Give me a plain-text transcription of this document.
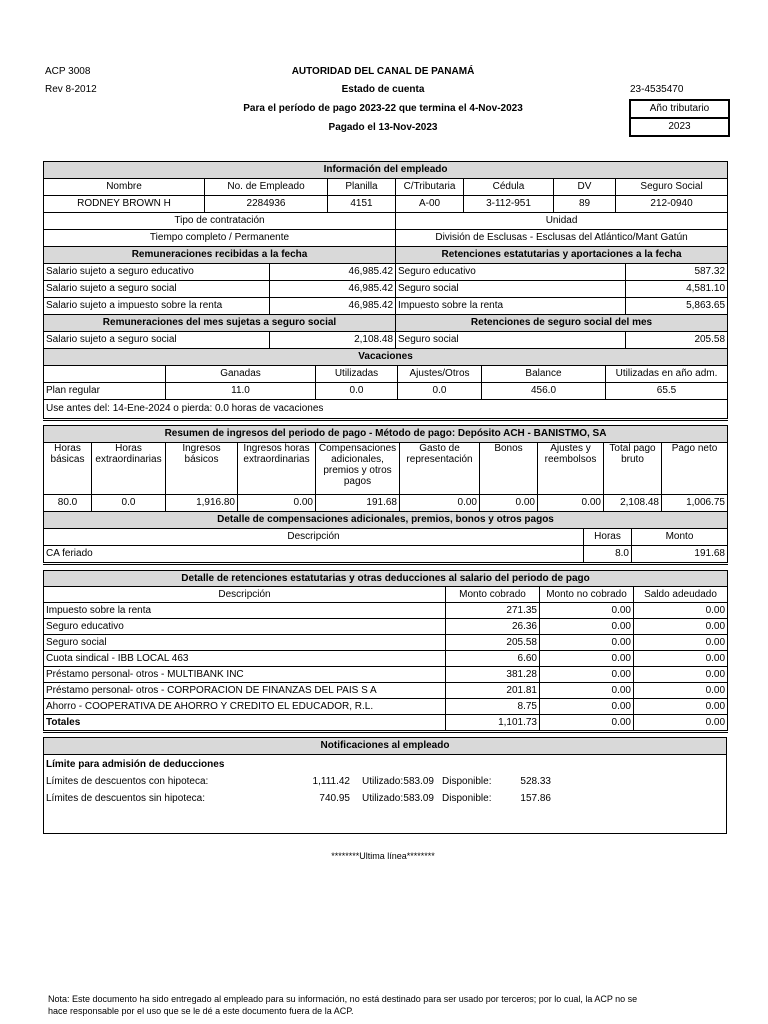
ACP 3008
Rev 8-2012
AUTORIDAD DEL CANAL DE PANAMÁ
Estado de cuenta
Para el período de pago 2023-22 que termina el 4-Nov-2023
Pagado el 13-Nov-2023
23-4535470
Año tributario
2023
Información del empleado						
Nombre	No. de Empleado	Planilla	C/Tributaria	Cédula	DV	Seguro Social
RODNEY BROWN H	2284936	4151	A-00	3-112-951	89	212-0940
Tipo de contratación			Unidad			
Tiempo completo / Permanente			División de Esclusas - Esclusas del Atlántico/Mant Gatún			
Remuneraciones recibidas a la fecha		Retenciones estatutarias y aportaciones a la fecha	
Salario sujeto a seguro educativo	46,985.42	Seguro educativo	587.32
Salario sujeto a seguro social	46,985.42	Seguro social	4,581.10
Salario sujeto a impuesto sobre la renta	46,985.42	Impuesto sobre la renta	5,863.65
Remuneraciones del mes sujetas a seguro social		Retenciones de seguro social del mes	
Salario sujeto a seguro social	2,108.48	Seguro social	205.58
Vacaciones					
	Ganadas	Utilizadas	Ajustes/Otros	Balance	Utilizadas en año adm.
Plan regular	11.0	0.0	0.0	456.0	65.5
Use antes del: 14-Ene-2024 o pierda: 0.0 horas de vacaciones					
Resumen de ingresos del periodo de pago - Método de pago: Depósito ACH - BANISTMO, SA									
Horas básicas	Horas extraordinarias	Ingresos básicos	Ingresos horas extraordinarias	Compensaciones adicionales, premios y otros pagos	Gasto de representación	Bonos	Ajustes y reembolsos	Total pago bruto	Pago neto
80.0	0.0	1,916.80	0.00	191.68	0.00	0.00	0.00	2,108.48	1,006.75
Detalle de compensaciones adicionales, premios, bonos y otros pagos		
Descripción	Horas	Monto
CA feriado	8.0	191.68
Detalle de retenciones estatutarias y otras deducciones al salario del periodo de pago			
Descripción	Monto cobrado	Monto no cobrado	Saldo adeudado
Impuesto sobre la renta	271.35	0.00	0.00
Seguro educativo	26.36	0.00	0.00
Seguro social	205.58	0.00	0.00
Cuota sindical - IBB LOCAL 463	6.60	0.00	0.00
Préstamo personal- otros - MULTIBANK INC	381.28	0.00	0.00
Préstamo personal- otros - CORPORACION DE FINANZAS DEL PAIS S A	201.81	0.00	0.00
Ahorro - COOPERATIVA DE AHORRO Y CREDITO EL EDUCADOR, R.L.	8.75	0.00	0.00
Totales	1,101.73	0.00	0.00
Notificaciones al empleado
Límite para admisión de deducciones
Límites de descuentos con hipoteca:	1,111.42 Utilizado: 583.09 Disponible:	528.33
Límites de descuentos sin hipoteca:	740.95 Utilizado: 583.09 Disponible:	157.86
********Ultima línea********
Nota: Este documento ha sido entregado al empleado para su información, no está destinado para ser usado por terceros; por lo cual, la ACP no se hace responsable por el uso que se le dé a este documento fuera de la ACP.
